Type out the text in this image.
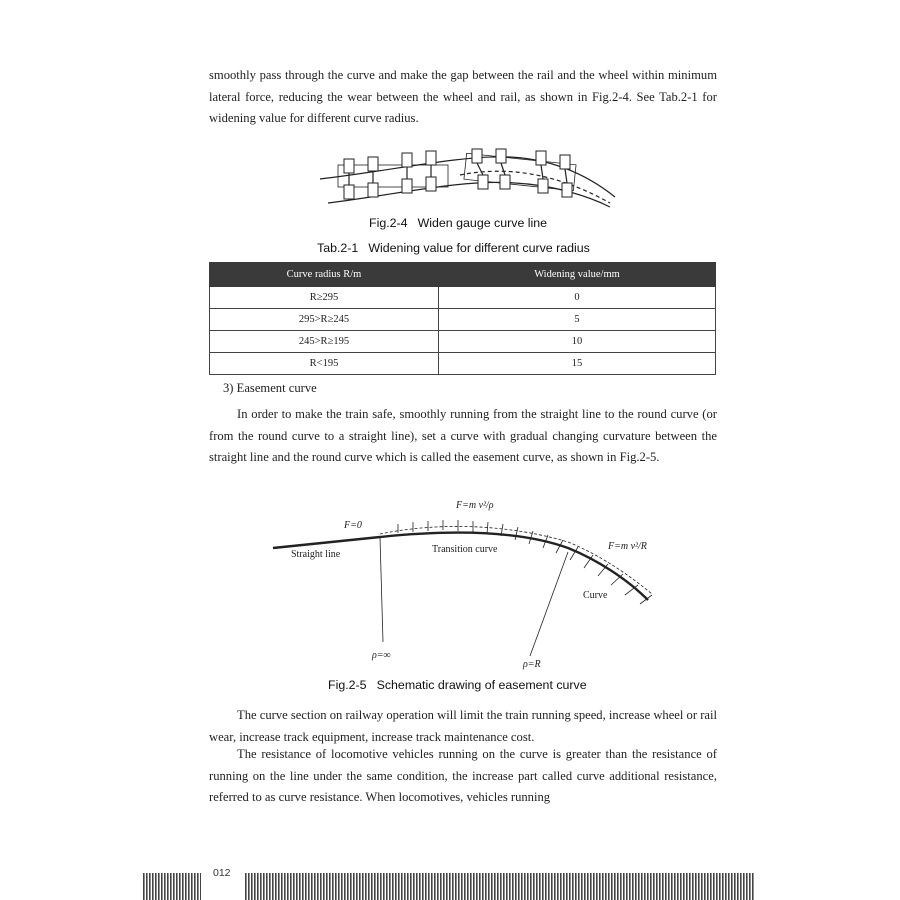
smoothly pass through the curve and make the gap between the rail and the wheel within minimum lateral force, reducing the wear between the wheel and rail, as shown in Fig.2-4. See Tab.2-1 for widening value for different curve radius.

Fig.2-4 Widen gauge curve line
Tab.2-1 Widening value for different curve radius
Curve radius R/m	Widening value/mm
R≥295	0
295>R≥245	5
245>R≥195	10
R<195	15
3) Easement curve

In order to make the train safe, smoothly running from the straight line to the round curve (or from the round curve to a straight line), set a curve with gradual changing curvature between the straight line and the round curve which is called the easement curve, as shown in Fig.2-5.

F=0
Straight line	Transition curve
Curve
ρ=∞
ρ=R
F=m v²/ρ
F=m v²/R
Fig.2-5 Schematic drawing of easement curve

The curve section on railway operation will limit the train running speed, increase wheel or rail wear, increase track equipment, increase track maintenance cost.

The resistance of locomotive vehicles running on the curve is greater than the resistance of running on the line under the same condition, the increase part called curve additional resistance, referred to as curve resistance. When locomotives, vehicles running

012
